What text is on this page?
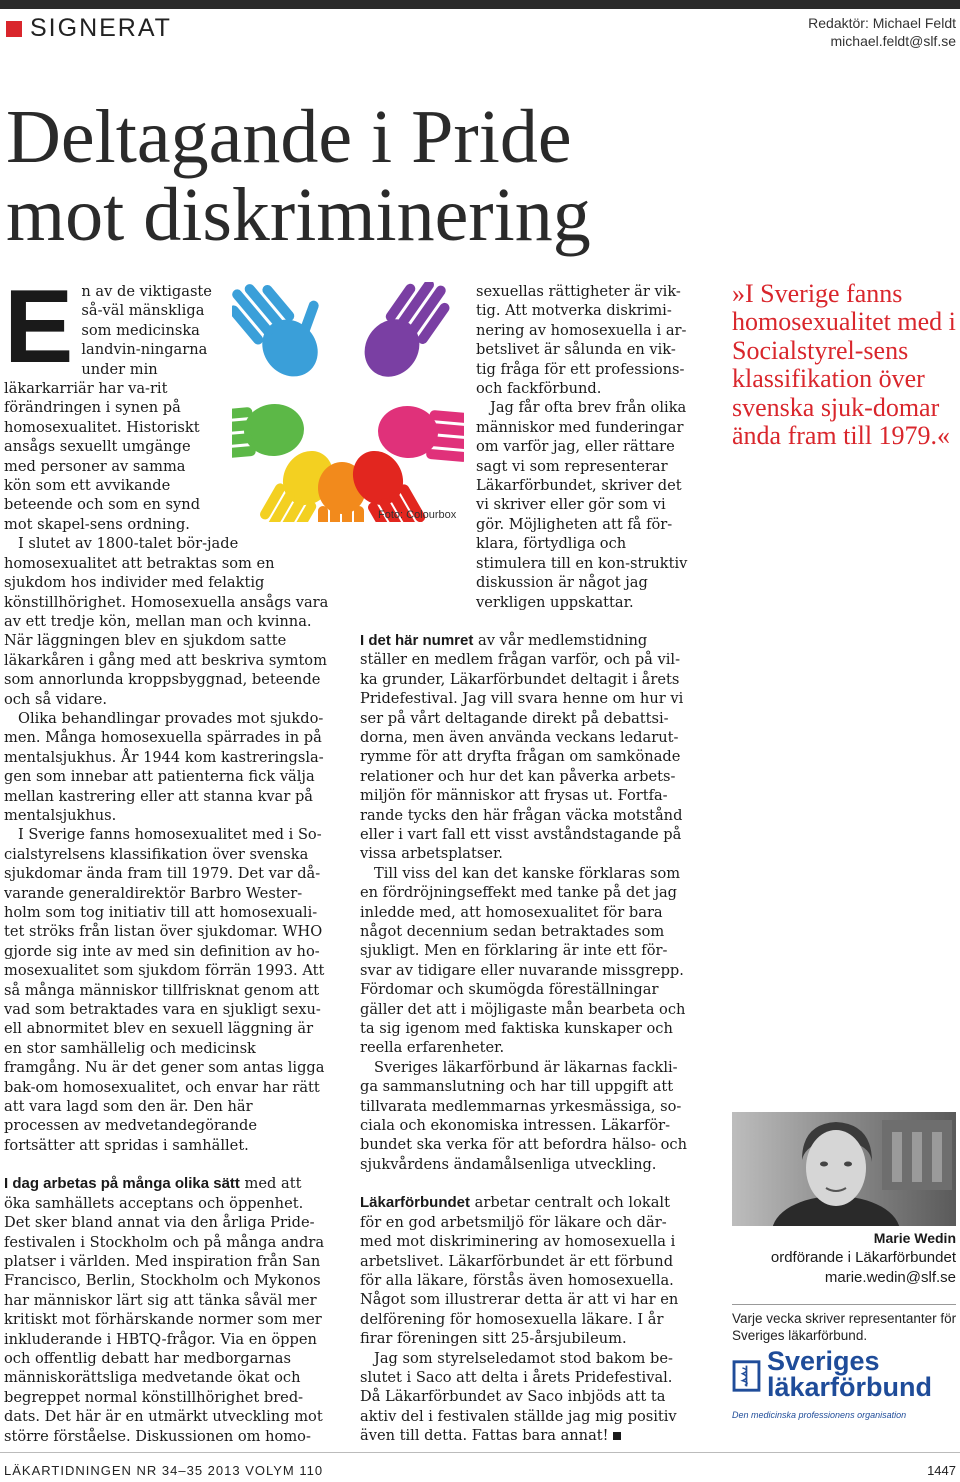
SIGNERAT	Redaktör: Michael Feldt
michael.feldt@slf.se
Deltagande i Pride
mot diskriminering
Foto: Colourbox
E n av de viktigaste så-väl mänskliga som medicinska landvin-ningarna under min läkarkarriär har va-rit förändringen i synen på homosexualitet. Historiskt ansågs sexuellt umgänge med personer av samma kön som ett avvikande beteende och som en synd mot skapel-sens ordning.

I slutet av 1800-talet bör-jade homosexualitet att betraktas som en sjukdom hos individer med felaktig könstillhörighet. Homosexuella ansågs vara av ett tredje kön, mellan man och kvinna. När läggningen blev en sjukdom satte läkarkåren i gång med att beskriva symtom som annorlunda kroppsbyggnad, beteende och så vidare.

Olika behandlingar provades mot sjukdo-men. Många homosexuella spärrades in på mentalsjukhus. År 1944 kom kastreringsla-gen som innebar att patienterna fick välja mellan kastrering eller att stanna kvar på mentalsjukhus.

I Sverige fanns homosexualitet med i So-cialstyrelsens klassifikation över svenska sjukdomar ända fram till 1979. Det var då-varande generaldirektör Barbro Wester-holm som tog initiativ till att homosexuali-tet ströks från listan över sjukdomar. WHO gjorde sig inte av med sin definition av ho-mosexualitet som sjukdom förrän 1993. Att så många människor tillfrisknat genom att vad som betraktades vara en sjukligt sexu-ell abnormitet blev en sexuell läggning är en stor samhällelig och medicinsk framgång. Nu är det gener som antas ligga bak-om homosexualitet, och envar har rätt att vara lagd som den är. Den här processen av medvetandegörande fortsätter att spridas i samhället.

I dag arbetas på många olika sätt med att öka samhällets acceptans och öppenhet. Det sker bland annat via den årliga Pride-festivalen i Stockholm och på många andra platser i världen. Med inspiration från San Francisco, Berlin, Stockholm och Mykonos har människor lärt sig att tänka såväl mer kritiskt mot förhärskande normer som mer inkluderande i HBTQ-frågor. Via en öppen och offentlig debatt har medborgarnas människorättsliga medvetande ökat och begreppet normal könstillhörighet bred-dats. Det här är en utmärkt utveckling mot större förståelse. Diskussionen om homo-

sexuellas rättigheter är vik-tig. Att motverka diskrimi-nering av homosexuella i ar-betslivet är sålunda en vik-tig fråga för ett professions- och fackförbund.

Jag får ofta brev från olika människor med funderingar om varför jag, eller rättare sagt vi som representerar Läkarförbundet, skriver det vi skriver eller gör som vi gör. Möjligheten att få för-klara, förtydliga och stimulera till en kon-struktiv diskussion är något jag verkligen uppskattar.

I det här numret av vår medlemstidning ställer en medlem frågan varför, och på vil-ka grunder, Läkarförbundet deltagit i årets Pridefestival. Jag vill svara henne om hur vi ser på vårt deltagande direkt på debattsi-dorna, men även använda veckans ledarut-rymme för att dryfta frågan om samkönade relationer och hur det kan påverka arbets-miljön för människor att frysas ut. Fortfa-rande tycks den här frågan väcka motstånd eller i vart fall ett visst avståndstagande på vissa arbetsplatser.

Till viss del kan det kanske förklaras som en fördröjningseffekt med tanke på det jag inledde med, att homosexualitet för bara något decennium sedan betraktades som sjukligt. Men en förklaring är inte ett för-svar av tidigare eller nuvarande missgrepp. Fördomar och skumögda föreställningar gäller det att i möjligaste mån bearbeta och ta sig igenom med faktiska kunskaper och reella erfarenheter.

Sveriges läkarförbund är läkarnas fackli-ga sammanslutning och har till uppgift att tillvarata medlemmarnas yrkesmässiga, so-ciala och ekonomiska intressen. Läkarför-bundet ska verka för att befordra hälso- och sjukvårdens ändamålsenliga utveckling.

Läkarförbundet arbetar centralt och lokalt för en god arbetsmiljö för läkare och där-med mot diskriminering av homosexuella i arbetslivet. Läkarförbundet är ett förbund för alla läkare, förstås även homosexuella. Något som illustrerar detta är att vi har en delförening för homosexuella läkare. I år firar föreningen sitt 25-årsjubileum.

Jag som styrelseledamot stod bakom be-slutet i Saco att delta i årets Pridefestival. Då Läkarförbundet av Saco inbjöds att ta aktiv del i festivalen ställde jag mig positiv även till detta. Fattas bara annat!

»I Sverige fanns homosexualitet med i Socialstyrel-sens klassifikation över svenska sjuk-domar ända fram till 1979.«
Marie Wedin
ordförande i Läkarförbundet
marie.wedin@slf.se
Varje vecka skriver representanter för Sveriges läkarförbund.
Sveriges
läkarförbund
Den medicinska professionens organisation
LÄKARTIDNINGEN NR 34–35 2013 VOLYM 110	1447
